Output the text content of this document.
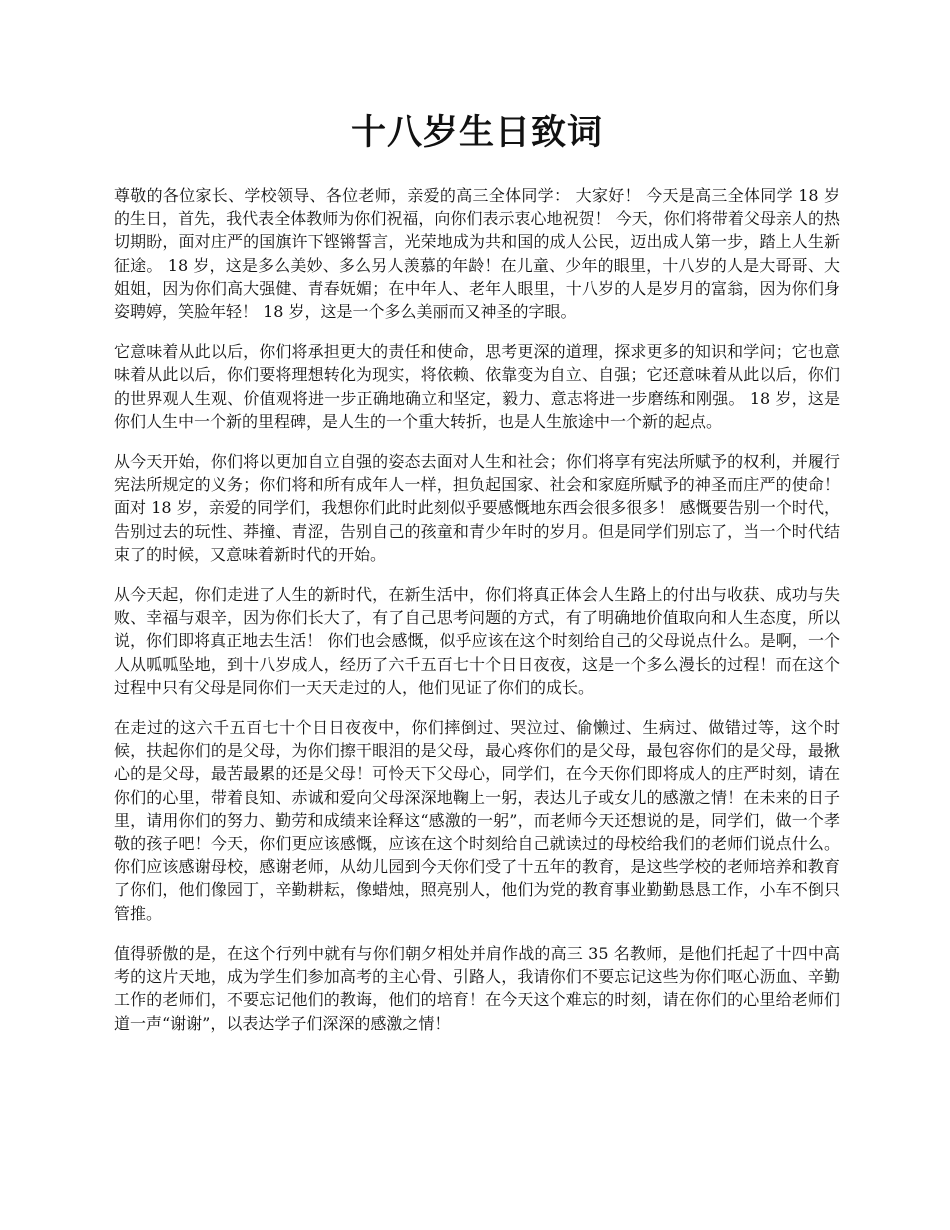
十八岁生日致词

尊敬的各位家长、学校领导、各位老师，亲爱的高三全体同学： 大家好！ 今天是高三全体同学 18 岁的生日，首先，我代表全体教师为你们祝福，向你们表示衷心地祝贺！ 今天，你们将带着父母亲人的热切期盼，面对庄严的国旗许下铿锵誓言，光荣地成为共和国的成人公民，迈出成人第一步，踏上人生新征途。 18 岁，这是多么美妙、多么另人羡慕的年龄！在儿童、少年的眼里，十八岁的人是大哥哥、大姐姐，因为你们高大强健、青春妩媚；在中年人、老年人眼里，十八岁的人是岁月的富翁，因为你们身姿聘婷，笑脸年轻！ 18 岁，这是一个多么美丽而又神圣的字眼。

它意味着从此以后，你们将承担更大的责任和使命，思考更深的道理，探求更多的知识和学问；它也意味着从此以后，你们要将理想转化为现实，将依赖、依靠变为自立、自强；它还意味着从此以后，你们的世界观人生观、价值观将进一步正确地确立和坚定，毅力、意志将进一步磨练和刚强。 18 岁，这是你们人生中一个新的里程碑，是人生的一个重大转折，也是人生旅途中一个新的起点。

从今天开始，你们将以更加自立自强的姿态去面对人生和社会；你们将享有宪法所赋予的权利，并履行宪法所规定的义务；你们将和所有成年人一样，担负起国家、社会和家庭所赋予的神圣而庄严的使命！ 面对 18 岁，亲爱的同学们，我想你们此时此刻似乎要感慨地东西会很多很多！ 感慨要告别一个时代，告别过去的玩性、莽撞、青涩，告别自己的孩童和青少年时的岁月。但是同学们别忘了，当一个时代结束了的时候，又意味着新时代的开始。

从今天起，你们走进了人生的新时代，在新生活中，你们将真正体会人生路上的付出与收获、成功与失败、幸福与艰辛，因为你们长大了，有了自己思考问题的方式，有了明确地价值取向和人生态度，所以说，你们即将真正地去生活！ 你们也会感慨，似乎应该在这个时刻给自己的父母说点什么。是啊，一个人从呱呱坠地，到十八岁成人，经历了六千五百七十个日日夜夜，这是一个多么漫长的过程！而在这个过程中只有父母是同你们一天天走过的人，他们见证了你们的成长。

在走过的这六千五百七十个日日夜夜中，你们摔倒过、哭泣过、偷懒过、生病过、做错过等，这个时候，扶起你们的是父母，为你们擦干眼泪的是父母，最心疼你们的是父母，最包容你们的是父母，最揪心的是父母，最苦最累的还是父母！可怜天下父母心，同学们，在今天你们即将成人的庄严时刻，请在你们的心里，带着良知、赤诚和爱向父母深深地鞠上一躬，表达儿子或女儿的感激之情！在未来的日子里，请用你们的努力、勤劳和成绩来诠释这“感激的一躬”，而老师今天还想说的是，同学们，做一个孝敬的孩子吧！今天，你们更应该感慨，应该在这个时刻给自己就读过的母校给我们的老师们说点什么。你们应该感谢母校，感谢老师，从幼儿园到今天你们受了十五年的教育，是这些学校的老师培养和教育了你们，他们像园丁，辛勤耕耘，像蜡烛，照亮别人，他们为党的教育事业勤勤恳恳工作，小车不倒只管推。

值得骄傲的是，在这个行列中就有与你们朝夕相处并肩作战的高三 35 名教师，是他们托起了十四中高考的这片天地，成为学生们参加高考的主心骨、引路人，我请你们不要忘记这些为你们呕心沥血、辛勤工作的老师们，不要忘记他们的教诲，他们的培育！在今天这个难忘的时刻，请在你们的心里给老师们道一声“谢谢”，以表达学子们深深的感激之情！
